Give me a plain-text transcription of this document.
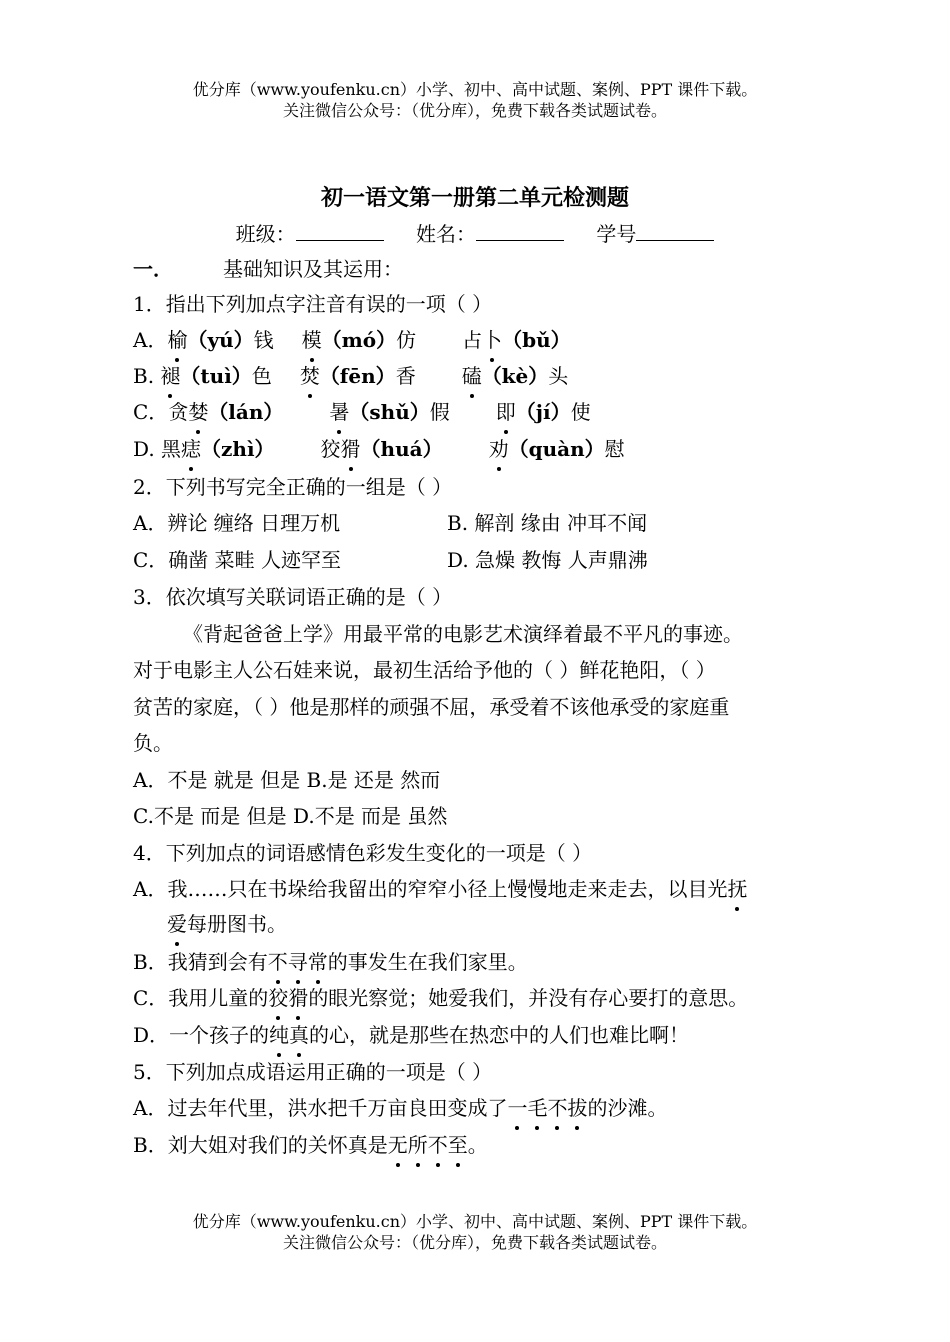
优分库（www.youfenku.cn）小学、初中、高中试题、案例、PPT 课件下载。
关注微信公众号：（优分库），免费下载各类试题试卷。
初一语文第一册第二单元检测题
班级：	姓名：	学号
一．	基础知识及其运用：
1．指出下列加点字注音有误的一项（ ）
A．榆（yú）钱 模（mó）仿 占卜（bǔ）
B. 褪（tuì）色 焚（fēn）香 磕（kè）头
C．贪婪（lán） 暑（shǔ）假 即（jí）使
D. 黑痣（zhì） 狡猾（huá） 劝（quàn）慰
2．下列书写完全正确的一组是（ ）
A．辨论 缠络 日理万机	B. 解剖 缘由 冲耳不闻
C．确凿 菜畦 人迹罕至	D. 急燥 教悔 人声鼎沸
3．依次填写关联词语正确的是（ ）
《背起爸爸上学》用最平常的电影艺术演绎着最不平凡的事迹。
对于电影主人公石娃来说，最初生活给予他的（ ）鲜花艳阳，（ ）
贫苦的家庭，（ ）他是那样的顽强不屈，承受着不该他承受的家庭重
负。
A．不是 就是 但是 B.是 还是 然而
C.不是 而是 但是 D.不是 而是 虽然
4．下列加点的词语感情色彩发生变化的一项是（ ）
A．我……只在书垛给我留出的窄窄小径上慢慢地走来走去，以目光抚
爱每册图书。
B．我猜到会有不寻常的事发生在我们家里。
C．我用儿童的狡猾的眼光察觉；她爱我们，并没有存心要打的意思。
D．一个孩子的纯真的心，就是那些在热恋中的人们也难比啊！
5．下列加点成语运用正确的一项是（ ）
A．过去年代里，洪水把千万亩良田变成了一毛不拔的沙滩。
B．刘大姐对我们的关怀真是无所不至。
优分库（www.youfenku.cn）小学、初中、高中试题、案例、PPT 课件下载。
关注微信公众号：（优分库），免费下载各类试题试卷。
